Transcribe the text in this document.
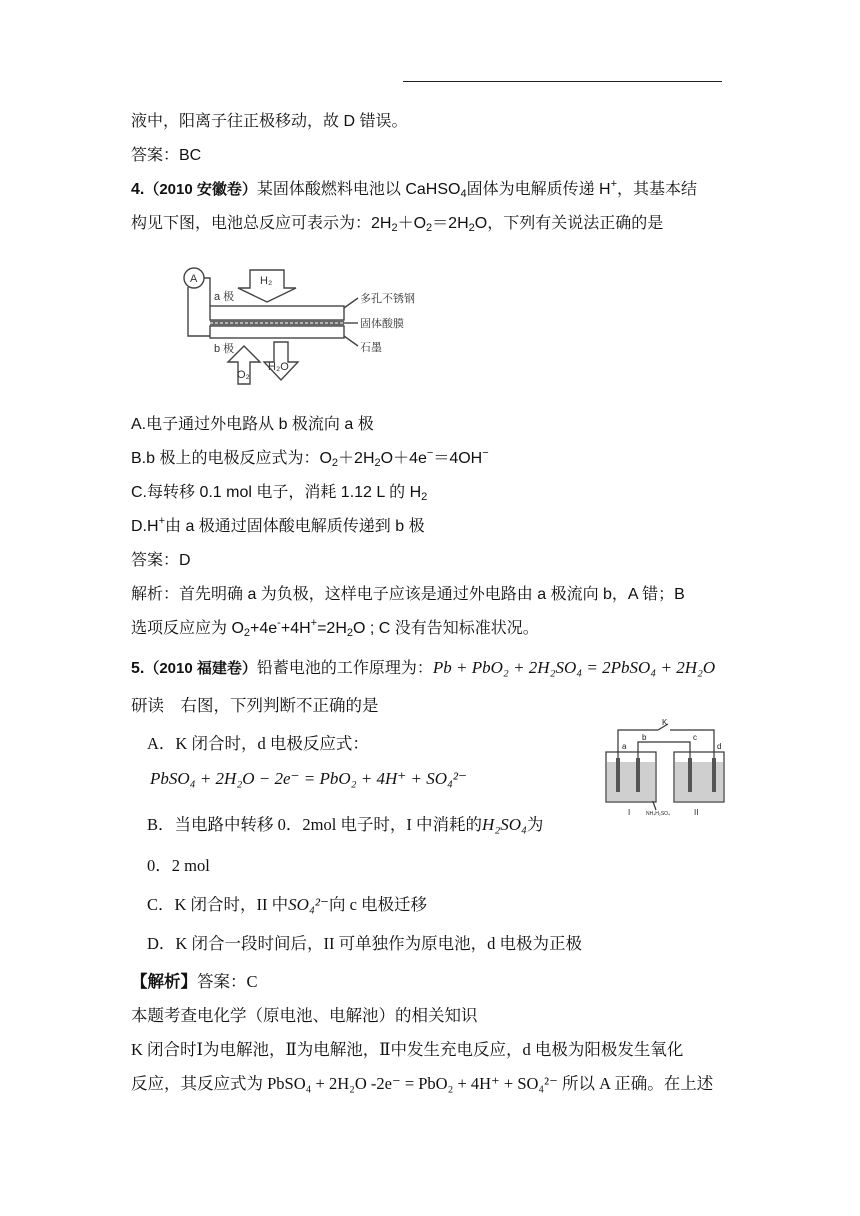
液中，阳离子往正极移动，故 D 错误。
答案：BC
4.（2010 安徽卷）某固体酸燃料电池以 CaHSO$_4$固体为电解质传递 H+，其基本结
构见下图，电池总反应可表示为：$2H_2+O_2=2H_2O$，下列有关说法正确的是
A
a 极
b 极
H₂
O₂
H₂O
多孔不锈钢
固体酸膜
石墨
A.电子通过外电路从 b 极流向 a 极
B.b 极上的电极反应式为：$O_2+2H_2O+4e^-=4OH^-$
C.每转移 0.1 mol 电子，消耗 1.12 L 的 $H_2$
D.H+由 a 极通过固体酸电解质传递到 b 极
答案：D
解析：首先明确 a 为负极，这样电子应该是通过外电路由 a 极流向 b，A 错；B
选项反应应为 $O_2+4e^-+4H^+=2H_2O$ ; C 没有告知标准状况。
5.（2010 福建卷）铅蓄电池的工作原理为：Pb + PbO₂ + 2H₂SO₄ = 2PbSO₄ + 2H₂O
研读　右图，下列判断不正确的是
A．K 闭合时，d 电极反应式：
PbSO₄ + 2H₂O − 2e⁻ = PbO₂ + 4H⁺ + SO₄²⁻
B．当电路中转移 0．2mol 电子时，I 中消耗的H₂SO₄为
0．2 mol
C．K 闭合时，II 中SO₄²⁻向 c 电极迁移
D．K 闭合一段时间后，II 可单独作为原电池，d 电极为正极
K
a
b	c
d
I	II
NH₄H₂SO₄
【解析】答案：C
本题考查电化学（原电池、电解池）的相关知识
K 闭合时Ⅰ为电解池，Ⅱ为电解池，Ⅱ中发生充电反应，d 电极为阳极发生氧化
反应，其反应式为 PbSO₄ + 2H₂O -2e⁻ = PbO₂ + 4H⁺ + SO₄²⁻ 所以 A 正确。在上述
